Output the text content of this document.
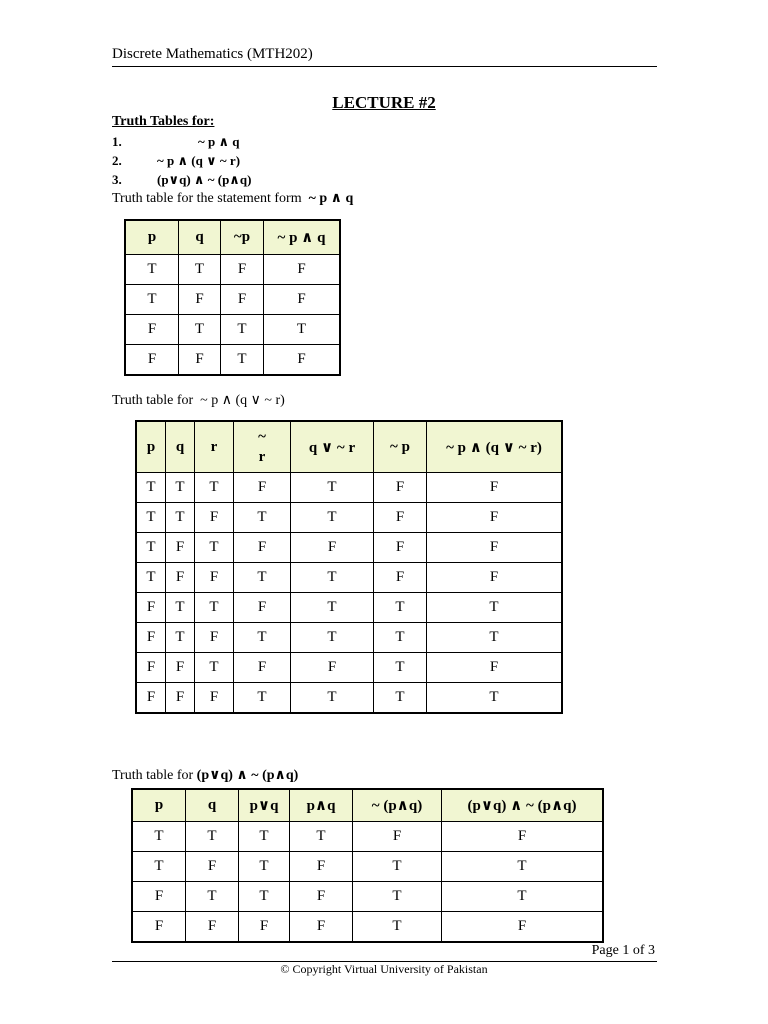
Discrete Mathematics (MTH202)
LECTURE #2
Truth Tables for:
1.	~ p ∧ q
2.	~ p ∧ (q ∨ ~ r)
3.	(p∨q) ∧ ~ (p∧q)
Truth table for the statement form ~ p ∧ q
p	q	~p	~ p ∧ q
T	T	F	F
T	F	F	F
F	T	T	T
F	F	T	F
Truth table for ~ p ∧ (q ∨ ~ r)
p	q	r	~ r	q ∨ ~ r	~ p	~ p ∧ (q ∨ ~ r)
T	T	T	F	T	F	F
T	T	F	T	T	F	F
T	F	T	F	F	F	F
T	F	F	T	T	F	F
F	T	T	F	T	T	T
F	T	F	T	T	T	T
F	F	T	F	F	T	F
F	F	F	T	T	T	T
Truth table for (p∨q) ∧ ~ (p∧q)
p	q	p∨q	p∧q	~ (p∧q)	(p∨q) ∧ ~ (p∧q)
T	T	T	T	F	F
T	F	T	F	T	T
F	T	T	F	T	T
F	F	F	F	T	F
Page 1 of 3
© Copyright Virtual University of Pakistan
